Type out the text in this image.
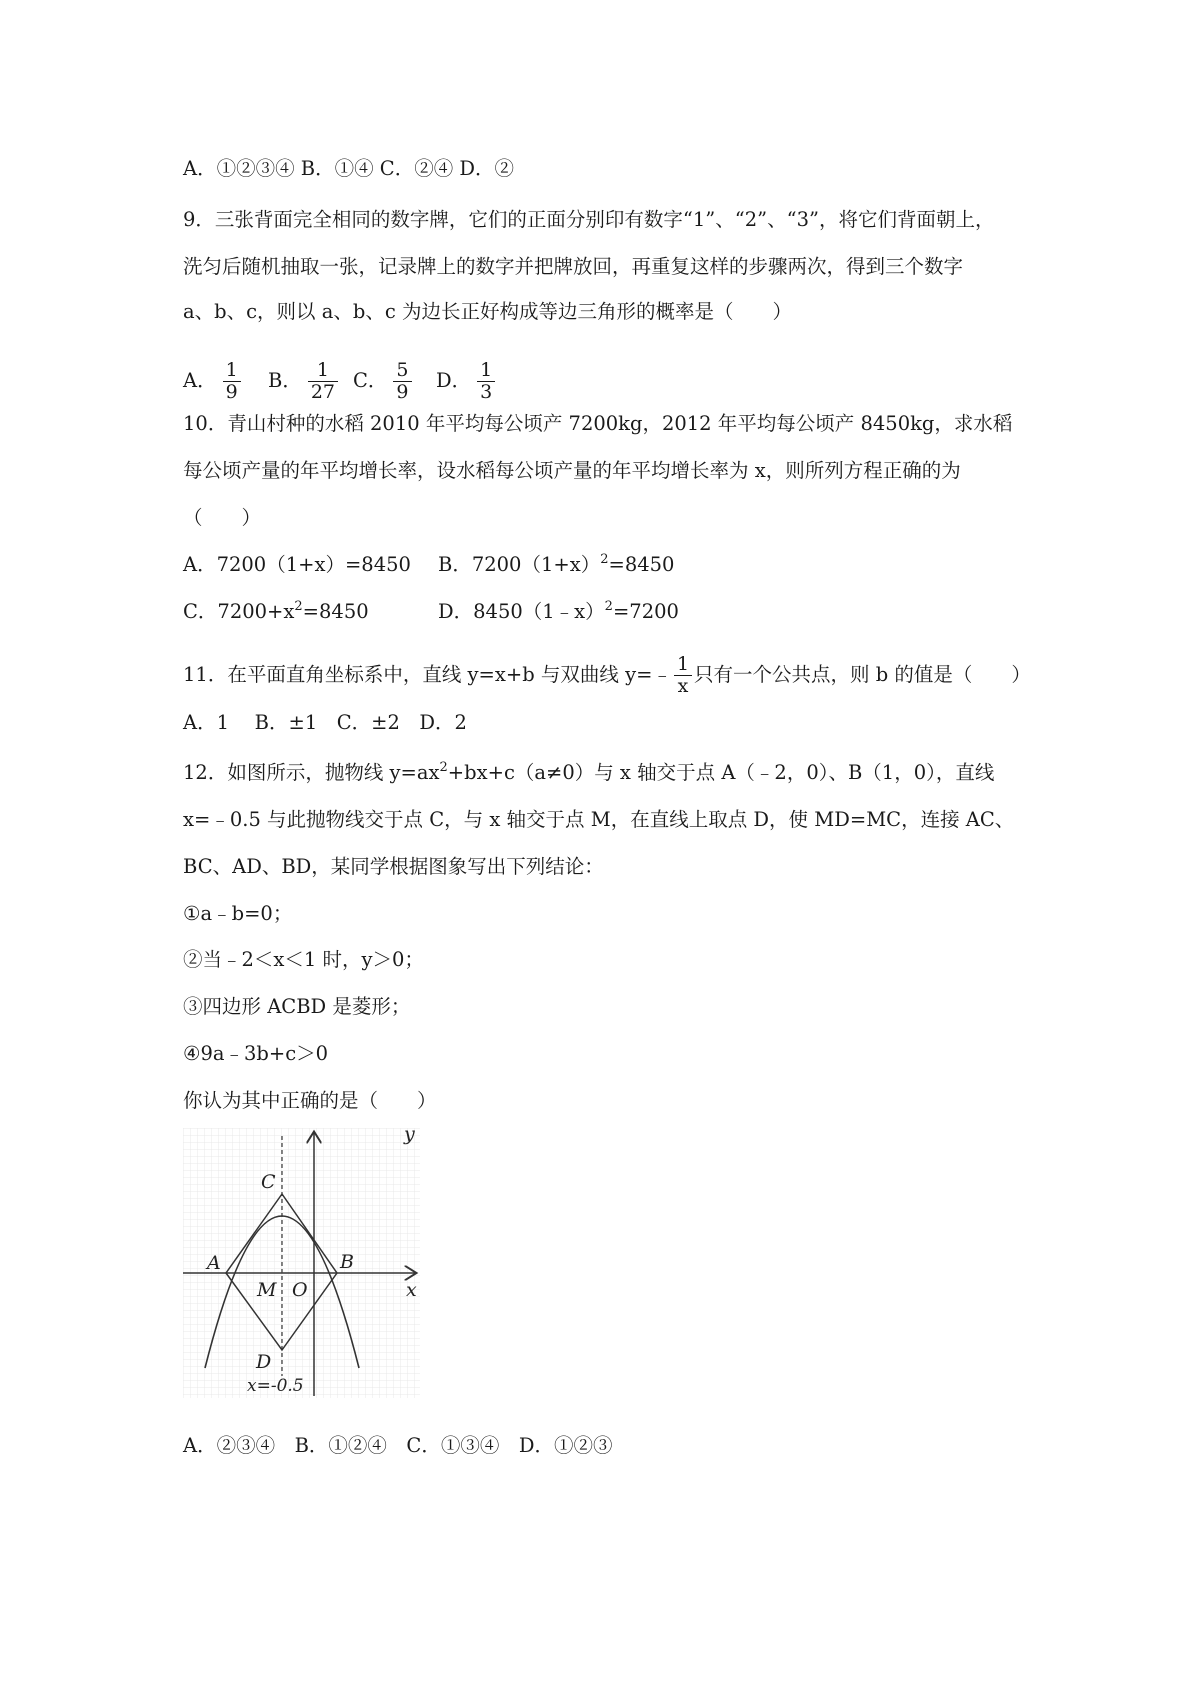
A．①②③④ B．①④ C．②④ D．②
9．三张背面完全相同的数字牌，它们的正面分别印有数字“1”、“2”、“3”，将它们背面朝上，
洗匀后随机抽取一张，记录牌上的数字并把牌放回，再重复这样的步骤两次，得到三个数字
a、b、c，则以 a、b、c 为边长正好构成等边三角形的概率是（　　）
A． $\frac{1}{9}$ B． $\frac{1}{27}$ C． $\frac{5}{9}$ D． $\frac{1}{3}$
10．青山村种的水稻 2010 年平均每公顷产 7200kg，2012 年平均每公顷产 8450kg，求水稻
每公顷产量的年平均增长率，设水稻每公顷产量的年平均增长率为 x，则所列方程正确的为
（　　）
A．7200（1+x）=8450 B．$7200(1+x)^2=8450$
C．$7200+x^2=8450$	D．8450（1﹣x）$^2$=7200
11．在平面直角坐标系中，直线 y=x+b 与双曲线 y=﹣ $\frac{1}{x}$ 只有一个公共点，则 b 的值是（　　）
A．1　 B．±1　C．±2　D．2
12．如图所示，抛物线 $y=ax^2+bx+c(a\ne 0)$与 x 轴交于点 A（﹣2，0）、B（1，0），直线
x=﹣0.5 与此抛物线交于点 C，与 x 轴交于点 M，在直线上取点 D，使 MD=MC，连接 AC、
BC、AD、BD，某同学根据图象写出下列结论：
①a﹣b=0；
②当﹣2＜x＜1 时，y＞0；
③四边形 ACBD 是菱形；
④9a﹣3b+c＞0
你认为其中正确的是（　　）
y
x
C
A	B
M O
D
x=-0.5
A．②③④　B．①②④　C．①③④　D．①②③
